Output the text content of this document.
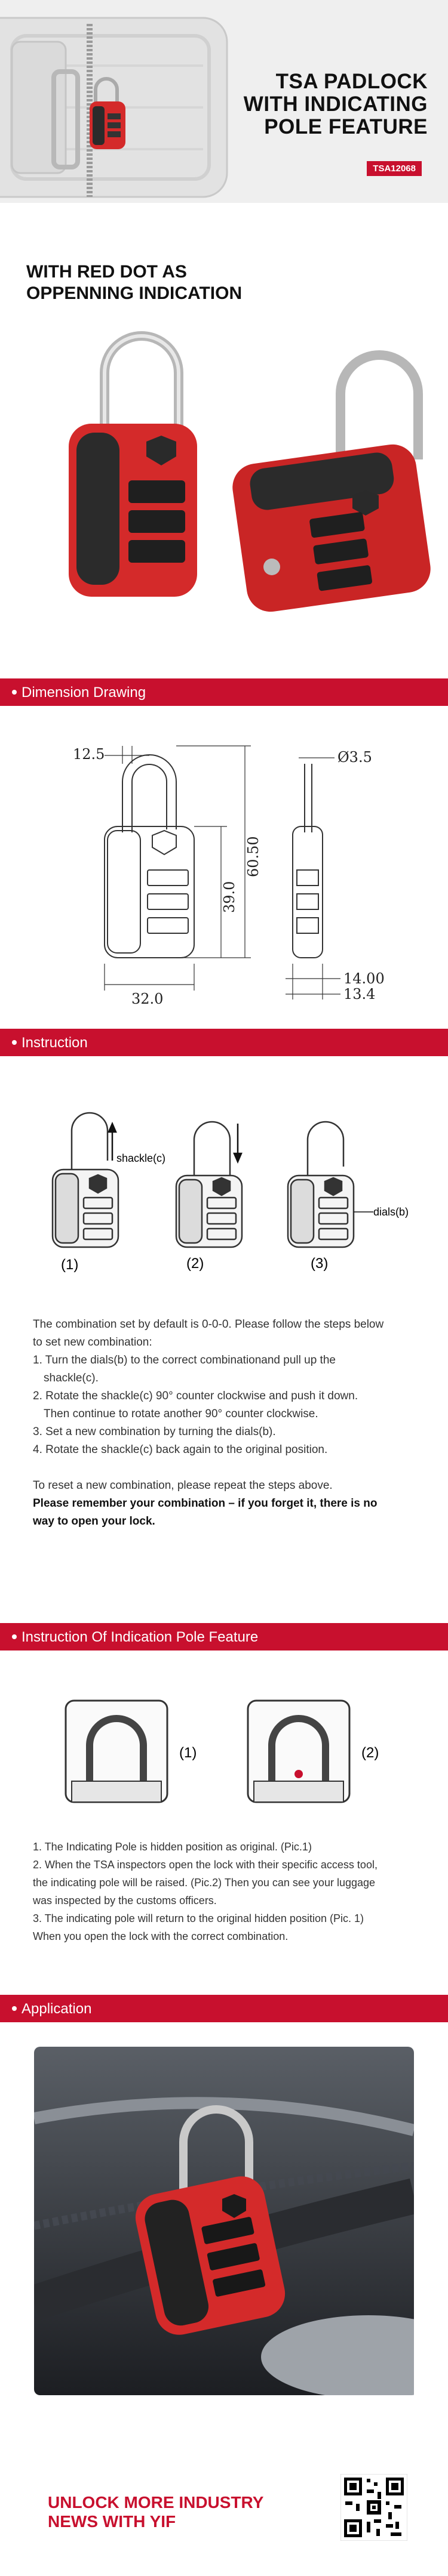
TSA PADLOCK
WITH INDICATING
POLE FEATURE
TSA12068
WITH RED DOT AS
OPPENNING INDICATION
Dimension Drawing
12.5	Ø3.5
60.50
39.0
32.0
14.00
13.4
Instruction
shackle(c)
dials(b)
(1)	(2)	(3)

The combination set by default is 0-0-0. Please follow the steps below

to set new combination:

1. Turn the dials(b) to the correct combinationand pull up the

shackle(c).

2. Rotate the shackle(c) 90° counter clockwise and push it down.

Then continue to rotate another 90° counter clockwise.

3. Set a new combination by turning the dials(b).

4. Rotate the shackle(c) back again to the original position.

To reset a new combination, please repeat the steps above.

Please remember your combination – if you forget it, there is no

way to open your lock.

Instruction Of Indication Pole Feature
(1)	(2)

1. The Indicating Pole is hidden position as original. (Pic.1)

2. When the TSA inspectors open the lock with their specific access tool,

the indicating pole will be raised. (Pic.2) Then you can see your luggage

was inspected by the customs officers.

3. The indicating pole will return to the original hidden position (Pic. 1)

When you open the lock with the correct combination.

Application
UNLOCK MORE INDUSTRY
NEWS WITH YIF
